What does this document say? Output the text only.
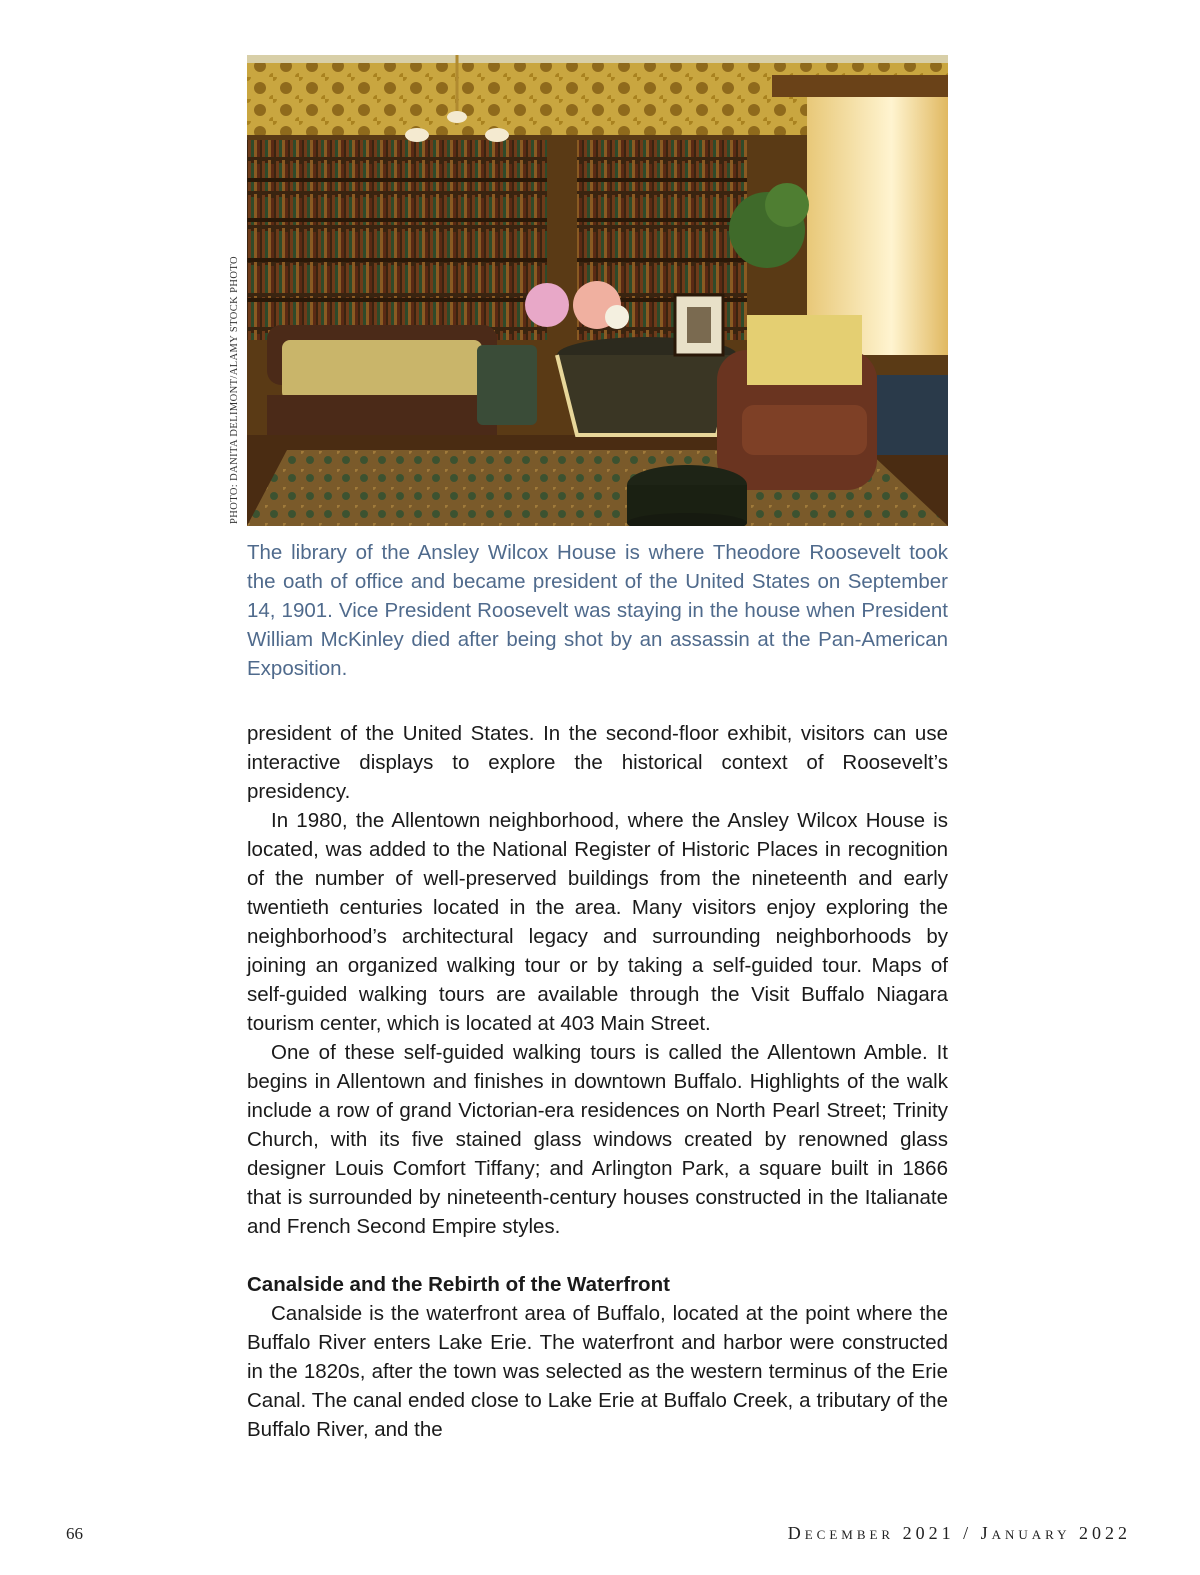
PHOTO: DANITA DELIMONT/ALAMY STOCK PHOTO

The library of the Ansley Wilcox House is where Theodore Roosevelt took the oath of office and became president of the United States on September 14, 1901. Vice President Roosevelt was staying in the house when President William McKinley died after being shot by an assassin at the Pan-American Exposition.

president of the United States. In the second-floor exhibit, visitors can use interactive displays to explore the historical context of Roosevelt’s presidency.

In 1980, the Allentown neighborhood, where the Ansley Wilcox House is located, was added to the National Register of Historic Places in recognition of the number of well-preserved buildings from the nineteenth and early twentieth centuries located in the area. Many visitors enjoy exploring the neighborhood’s architectural legacy and surrounding neighborhoods by joining an organized walking tour or by taking a self-guided tour. Maps of self-guided walking tours are available through the Visit Buffalo Niagara tourism center, which is located at 403 Main Street.

One of these self-guided walking tours is called the Allentown Amble. It begins in Allentown and finishes in downtown Buffalo. Highlights of the walk include a row of grand Victorian-era residences on North Pearl Street; Trinity Church, with its five stained glass windows created by renowned glass designer Louis Comfort Tiffany; and Arlington Park, a square built in 1866 that is surrounded by nineteenth-century houses constructed in the Italianate and French Second Empire styles.

Canalside and the Rebirth of the Waterfront

Canalside is the waterfront area of Buffalo, located at the point where the Buffalo River enters Lake Erie. The waterfront and harbor were constructed in the 1820s, after the town was selected as the western terminus of the Erie Canal. The canal ended close to Lake Erie at Buffalo Creek, a tributary of the Buffalo River, and the

66	December 2021 / January 2022
